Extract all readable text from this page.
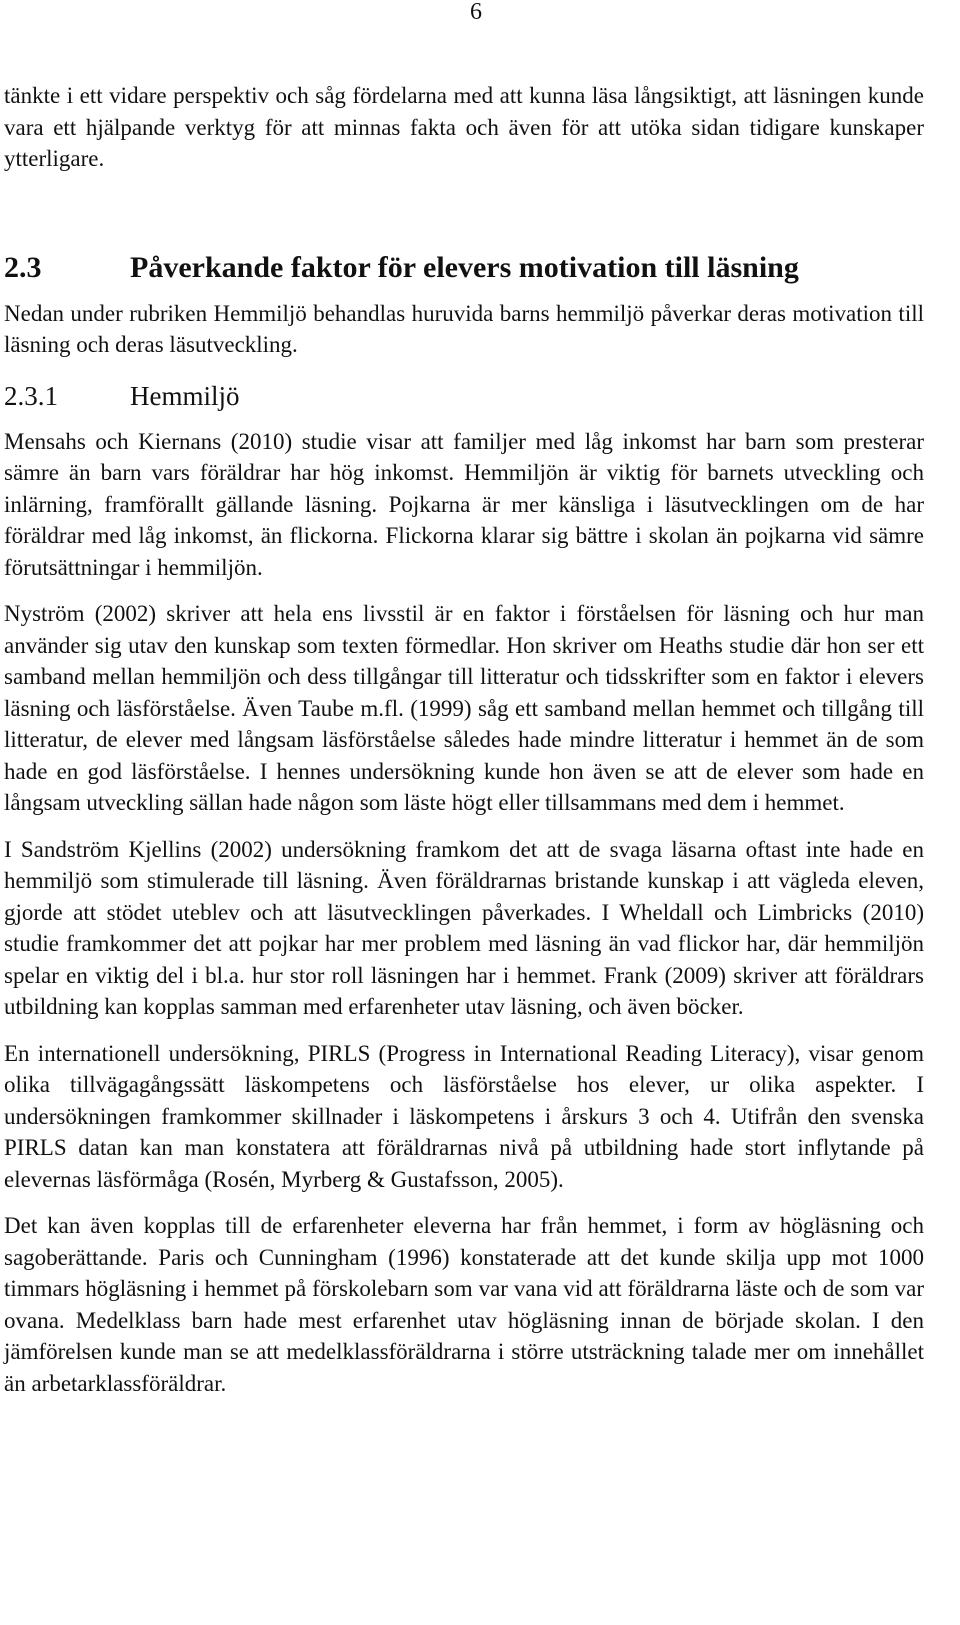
6

tänkte i ett vidare perspektiv och såg fördelarna med att kunna läsa långsiktigt, att läsningen kunde vara ett hjälpande verktyg för att minnas fakta och även för att utöka sidan tidigare kunskaper ytterligare.

2.3	Påverkande faktor för elevers motivation till läsning

Nedan under rubriken Hemmiljö behandlas huruvida barns hemmiljö påverkar deras motivation till läsning och deras läsutveckling.

2.3.1	Hemmiljö

Mensahs och Kiernans (2010) studie visar att familjer med låg inkomst har barn som presterar sämre än barn vars föräldrar har hög inkomst. Hemmiljön är viktig för barnets utveckling och inlärning, framförallt gällande läsning. Pojkarna är mer känsliga i läsutvecklingen om de har föräldrar med låg inkomst, än flickorna. Flickorna klarar sig bättre i skolan än pojkarna vid sämre förutsättningar i hemmiljön.

Nyström (2002) skriver att hela ens livsstil är en faktor i förståelsen för läsning och hur man använder sig utav den kunskap som texten förmedlar. Hon skriver om Heaths studie där hon ser ett samband mellan hemmiljön och dess tillgångar till litteratur och tidsskrifter som en faktor i elevers läsning och läsförståelse. Även Taube m.fl. (1999) såg ett samband mellan hemmet och tillgång till litteratur, de elever med långsam läsförståelse således hade mindre litteratur i hemmet än de som hade en god läsförståelse. I hennes undersökning kunde hon även se att de elever som hade en långsam utveckling sällan hade någon som läste högt eller tillsammans med dem i hemmet.

I Sandström Kjellins (2002) undersökning framkom det att de svaga läsarna oftast inte hade en hemmiljö som stimulerade till läsning. Även föräldrarnas bristande kunskap i att vägleda eleven, gjorde att stödet uteblev och att läsutvecklingen påverkades. I Wheldall och Limbricks (2010) studie framkommer det att pojkar har mer problem med läsning än vad flickor har, där hemmiljön spelar en viktig del i bl.a. hur stor roll läsningen har i hemmet. Frank (2009) skriver att föräldrars utbildning kan kopplas samman med erfarenheter utav läsning, och även böcker.

En internationell undersökning, PIRLS (Progress in International Reading Literacy), visar genom olika tillvägagångssätt läskompetens och läsförståelse hos elever, ur olika aspekter. I undersökningen framkommer skillnader i läskompetens i årskurs 3 och 4. Utifrån den svenska PIRLS datan kan man konstatera att föräldrarnas nivå på utbildning hade stort inflytande på elevernas läsförmåga (Rosén, Myrberg & Gustafsson, 2005).

Det kan även kopplas till de erfarenheter eleverna har från hemmet, i form av högläsning och sagoberättande. Paris och Cunningham (1996) konstaterade att det kunde skilja upp mot 1000 timmars högläsning i hemmet på förskolebarn som var vana vid att föräldrarna läste och de som var ovana. Medelklass barn hade mest erfarenhet utav högläsning innan de började skolan. I den jämförelsen kunde man se att medelklassföräldrarna i större utsträckning talade mer om innehållet än arbetarklassföräldrar.
